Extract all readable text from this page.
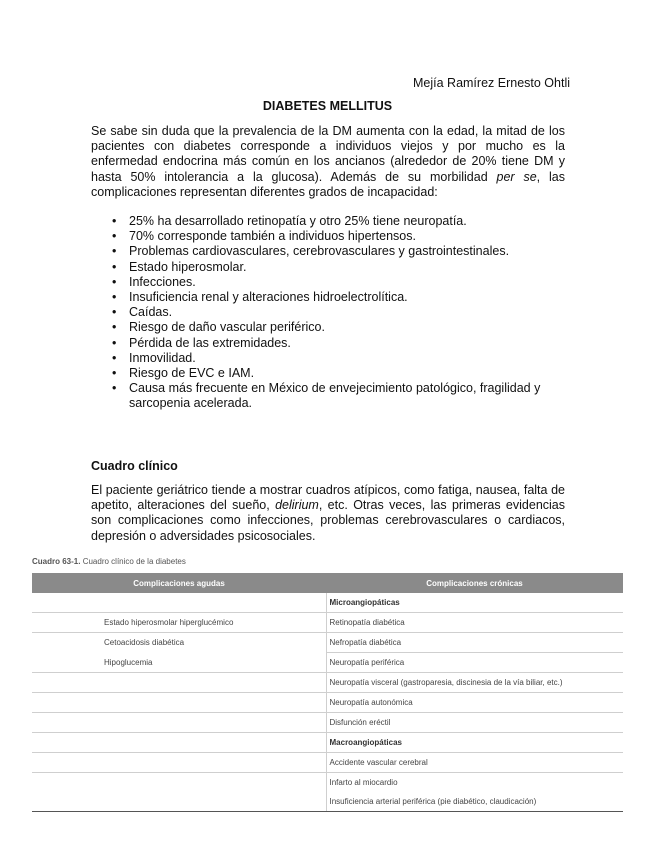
Mejía Ramírez Ernesto Ohtli
DIABETES MELLITUS

Se sabe sin duda que la prevalencia de la DM aumenta con la edad, la mitad de los pacientes con diabetes corresponde a individuos viejos y por mucho es la enfermedad endocrina más común en los ancianos (alrededor de 20% tiene DM y hasta 50% intolerancia a la glucosa). Además de su morbilidad per se, las complicaciones representan diferentes grados de incapacidad:

• 25% ha desarrollado retinopatía y otro 25% tiene neuropatía.
• 70% corresponde también a individuos hipertensos.
• Problemas cardiovasculares, cerebrovasculares y gastrointestinales.
• Estado hiperosmolar.
• Infecciones.
• Insuficiencia renal y alteraciones hidroelectrolítica.
• Caídas.
• Riesgo de daño vascular periférico.
• Pérdida de las extremidades.
• Inmovilidad.
• Riesgo de EVC e IAM.
• Causa más frecuente en México de envejecimiento patológico, fragilidad y sarcopenia acelerada.
Cuadro clínico

El paciente geriátrico tiende a mostrar cuadros atípicos, como fatiga, nausea, falta de apetito, alteraciones del sueño, delirium, etc. Otras veces, las primeras evidencias son complicaciones como infecciones, problemas cerebrovasculares o cardiacos, depresión o adversidades psicosociales.

Cuadro 63-1. Cuadro clínico de la diabetes
Complicaciones agudas	Complicaciones crónicas
	Microangiopáticas
Estado hiperosmolar hiperglucémico	Retinopatía diabética
Cetoacidosis diabética	Nefropatía diabética
Hipoglucemia	Neuropatía periférica
	Neuropatía visceral (gastroparesia, discinesia de la vía biliar, etc.)
	Neuropatía autonómica
	Disfunción eréctil
	Macroangiopáticas
	Accidente vascular cerebral
	Infarto al miocardio
	Insuficiencia arterial periférica (pie diabético, claudicación)
